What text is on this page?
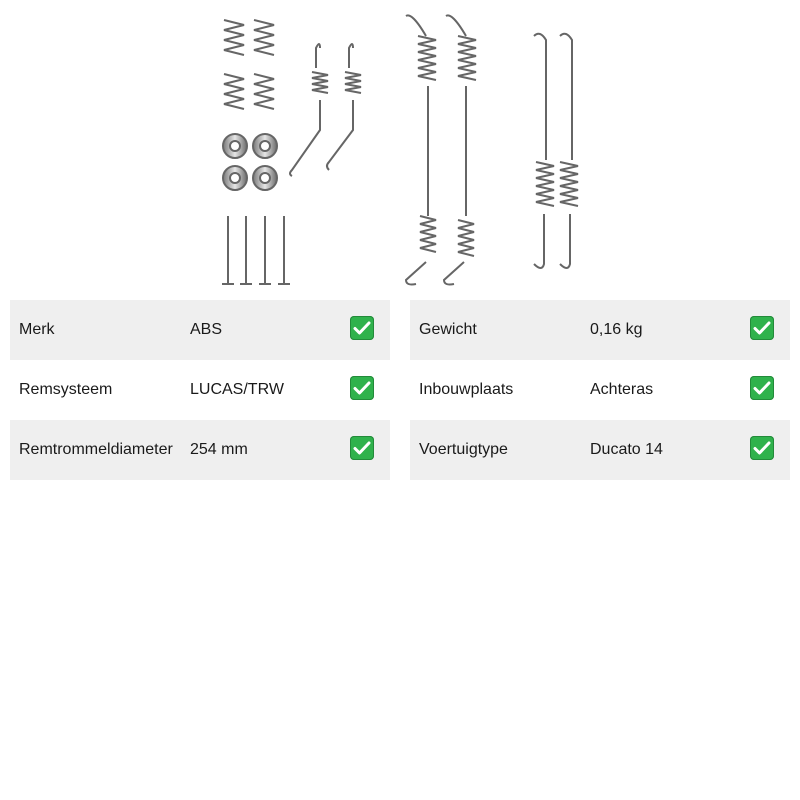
Merk	ABS
Remsysteem	LUCAS/TRW
Remtrommeldiameter 254 mm
Gewicht	0,16 kg
Inbouwplaats	Achteras
Voertuigtype	Ducato 14
